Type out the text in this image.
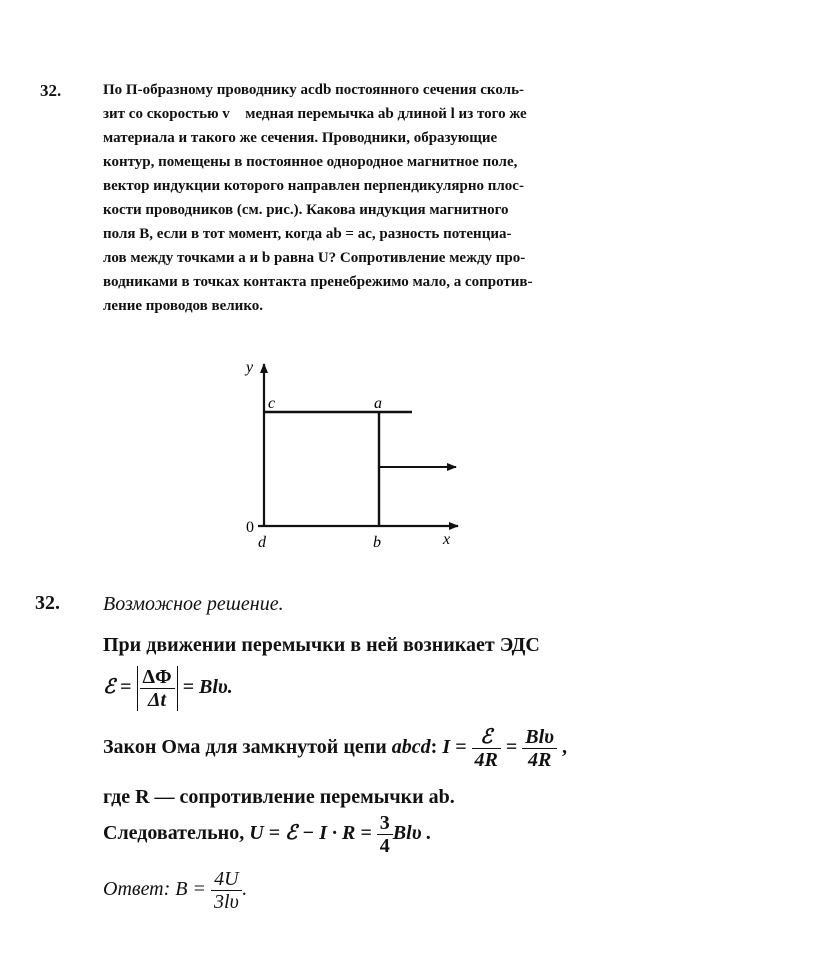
32.	По П-образному проводнику acdb постоянного сечения сколь-
зит со скоростью v⃗ медная перемычка ab длиной l из того же
материала и такого же сечения. Проводники, образующие
контур, помещены в постоянное однородное магнитное поле,
вектор индукции которого направлен перпендикулярно плос-
кости проводников (см. рис.). Какова индукция магнитного
поля B, если в тот момент, когда ab = ac, разность потенциа-
лов между точками a и b равна U? Сопротивление между про-
водниками в точках контакта пренебрежимо мало, а сопротив-
ление проводов велико.
y
c	a
0
d	b	x
32. Возможное решение.
При движении перемычки в ней возникает ЭДС
ℰ = $\frac{\Delta\Phi}{\Delta t} = Bl\upsilon$.
Закон Ома для замкнутой цепи abcd: $I = \frac{\text{ℰ}}{4R} = \frac{\text{Blυ}}{4R}$ ,
где R — сопротивление перемычки ab.
Следовательно, U = ℰ − $I \cdot R = \frac{3}{4}$ Blυ .
Ответ: $B = \frac{4U}{3l\upsilon}$ .
